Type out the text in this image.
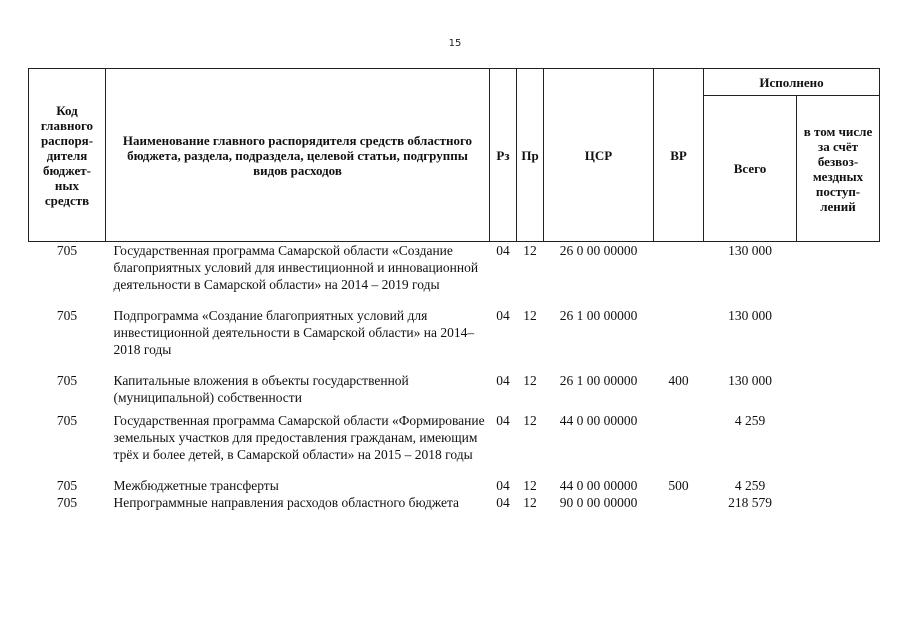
15
Код главного распоря-дителя бюджет-ных средств	Наименование главного распорядителя средств областного бюджета, раздела, подраздела, целевой статьи, подгруппы видов расходов	Рз	Пр	ЦСР	ВР	Исполнено	
						Всего	в том числе за счёт безвоз-мездных поступ-лений
705	Государственная программа Самарской области «Создание благоприятных условий для инвестиционной и инновационной деятельности в Самарской области» на 2014 – 2019 годы	04	12	26 0 00 00000		130 000	

705	Подпрограмма «Создание благоприятных условий для инвестиционной деятельности в Самарской области» на 2014–2018 годы	04	12	26 1 00 00000		130 000	

705	Капитальные вложения в объекты государственной (муниципальной) собственности	04	12	26 1 00 00000	400	130 000	

705	Государственная программа Самарской области «Формирование земельных участков для предоставления гражданам, имеющим трёх и более детей, в Самарской области» на 2015 – 2018 годы	04	12	44 0 00 00000		4 259	

705	Межбюджетные трансферты	04	12	44 0 00 00000	500	4 259	
705	Непрограммные направления расходов областного бюджета	04	12	90 0 00 00000		218 579	
